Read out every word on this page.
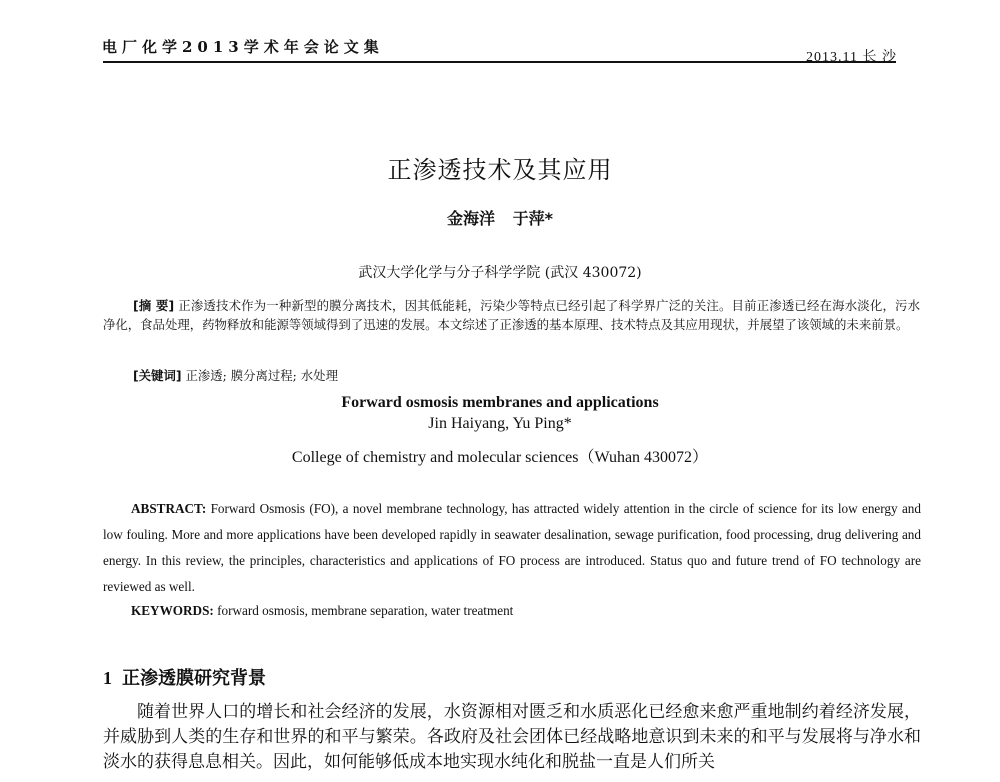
电厂化学2013学术年会论文集
2013.11 长 沙
正渗透技术及其应用
金海洋 于萍*
武汉大学化学与分子科学学院 (武汉 430072)
[摘 要] 正渗透技术作为一种新型的膜分离技术，因其低能耗，污染少等特点已经引起了科学界广泛的关注。目前正渗透已经在海水淡化，污水净化，食品处理，药物释放和能源等领域得到了迅速的发展。本文综述了正渗透的基本原理、技术特点及其应用现状，并展望了该领域的未来前景。
[关键词] 正渗透; 膜分离过程; 水处理
Forward osmosis membranes and applications
Jin Haiyang, Yu Ping*
College of chemistry and molecular sciences（Wuhan 430072）
ABSTRACT: Forward Osmosis (FO), a novel membrane technology, has attracted widely attention in the circle of science for its low energy and low fouling. More and more applications have been developed rapidly in seawater desalination, sewage purification, food processing, drug delivering and energy. In this review, the principles, characteristics and applications of FO process are introduced. Status quo and future trend of FO technology are reviewed as well.
KEYWORDS: forward osmosis, membrane separation, water treatment
1 正渗透膜研究背景
随着世界人口的增长和社会经济的发展，水资源相对匮乏和水质恶化已经愈来愈严重地制约着经济发展，并威胁到人类的生存和世界的和平与繁荣。各政府及社会团体已经战略地意识到未来的和平与发展将与净水和淡水的获得息息相关。因此，如何能够低成本地实现水纯化和脱盐一直是人们所关
